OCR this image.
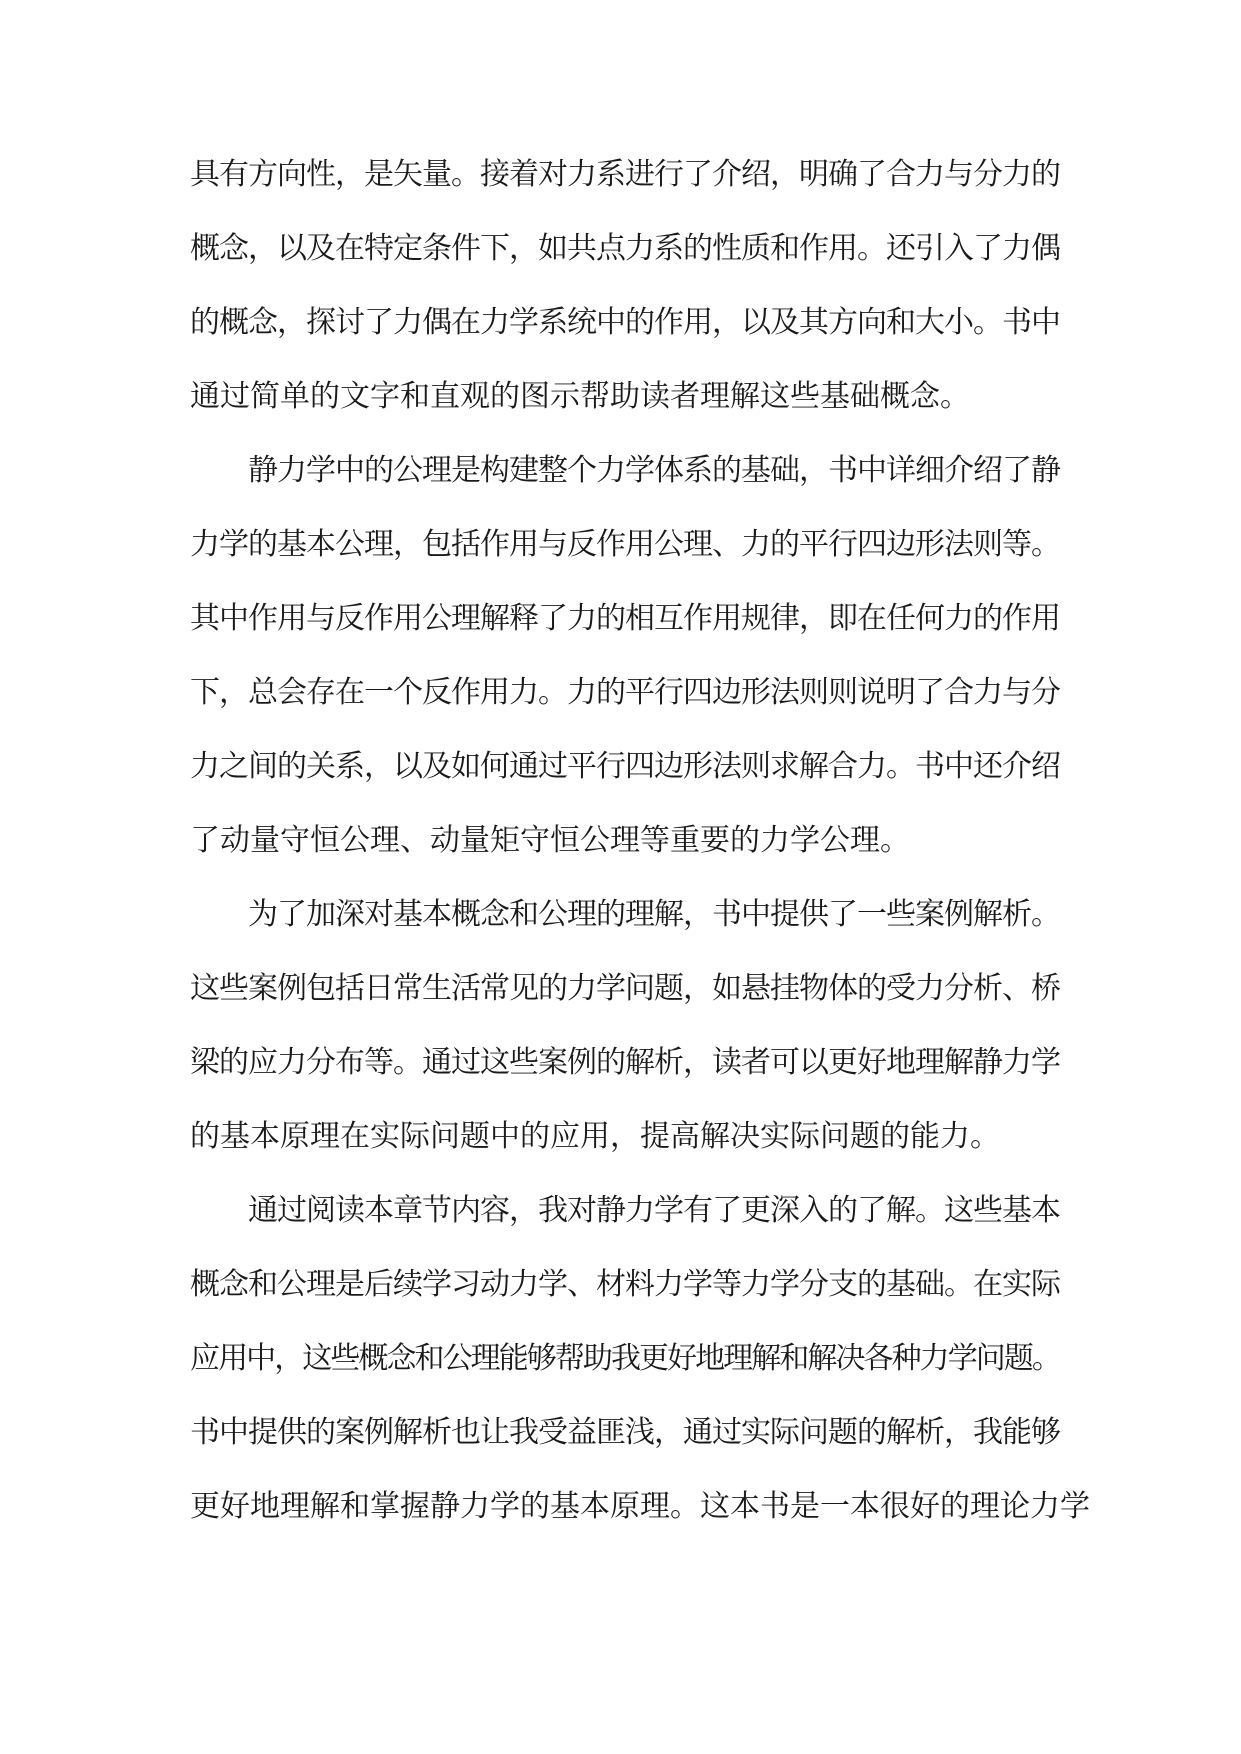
具有方向性，是矢量。接着对力系进行了介绍，明确了合力与分力的
概念，以及在特定条件下，如共点力系的性质和作用。还引入了力偶
的概念，探讨了力偶在力学系统中的作用，以及其方向和大小。书中
通过简单的文字和直观的图示帮助读者理解这些基础概念。
静力学中的公理是构建整个力学体系的基础，书中详细介绍了静
力学的基本公理，包括作用与反作用公理、力的平行四边形法则等。
其中作用与反作用公理解释了力的相互作用规律，即在任何力的作用
下，总会存在一个反作用力。力的平行四边形法则则说明了合力与分
力之间的关系，以及如何通过平行四边形法则求解合力。书中还介绍
了动量守恒公理、动量矩守恒公理等重要的力学公理。
为了加深对基本概念和公理的理解，书中提供了一些案例解析。
这些案例包括日常生活常见的力学问题，如悬挂物体的受力分析、桥
梁的应力分布等。通过这些案例的解析，读者可以更好地理解静力学
的基本原理在实际问题中的应用，提高解决实际问题的能力。
通过阅读本章节内容，我对静力学有了更深入的了解。这些基本
概念和公理是后续学习动力学、材料力学等力学分支的基础。在实际
应用中，这些概念和公理能够帮助我更好地理解和解决各种力学问题。
书中提供的案例解析也让我受益匪浅，通过实际问题的解析，我能够
更好地理解和掌握静力学的基本原理。这本书是一本很好的理论力学
